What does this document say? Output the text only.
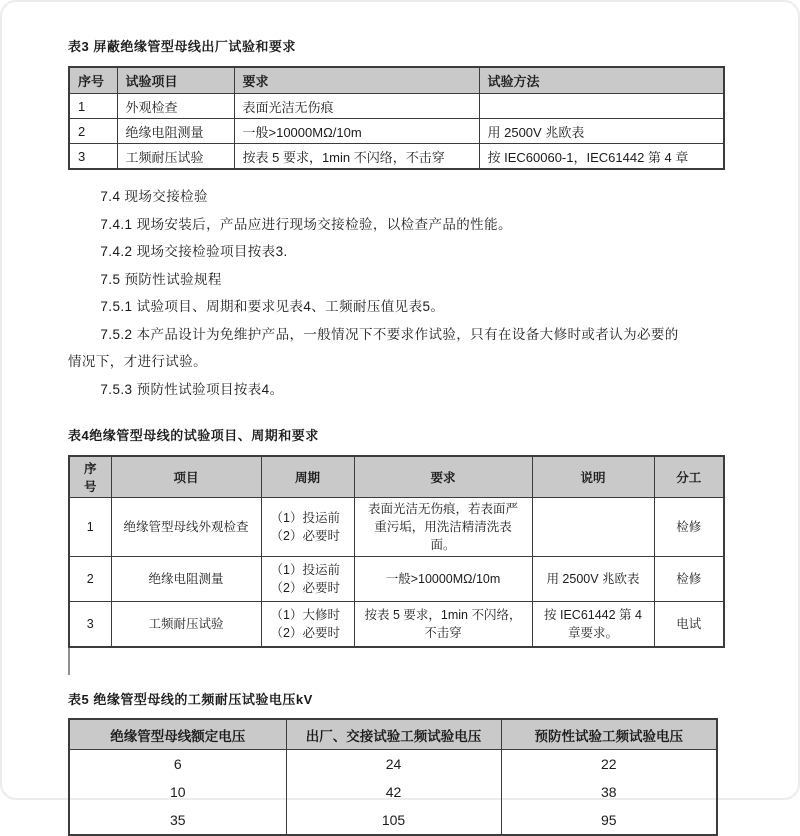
表3 屏蔽绝缘管型母线出厂试验和要求

序号	试验项目	要求	试验方法
1	外观检查	表面光洁无伤痕	
2	绝缘电阻测量	一般>10000MΩ/10m	用 2500V 兆欧表
3	工频耐压试验	按表 5 要求，1min 不闪络，不击穿	按 IEC60060-1，IEC61442 第 4 章

7.4 现场交接检验

7.4.1 现场安装后，产品应进行现场交接检验，以检查产品的性能。

7.4.2 现场交接检验项目按表3.

7.5 预防性试验规程

7.5.1 试验项目、周期和要求见表4、工频耐压值见表5。

7.5.2 本产品设计为免维护产品，一般情况下不要求作试验，只有在设备大修时或者认为必要的

情况下，才进行试验。

7.5.3 预防性试验项目按表4。

表4绝缘管型母线的试验项目、周期和要求

序号	项目	周期	要求	说明	分工
1	绝缘管型母线外观检查	（1）投运前
（2）必要时	表面光洁无伤痕，若表面严重污垢，用洗洁精清洗表面。		检修
2	绝缘电阻测量	（1）投运前
（2）必要时	一般>10000MΩ/10m	用 2500V 兆欧表	检修
3	工频耐压试验	（1）大修时
（2）必要时	按表 5 要求，1min 不闪络，不击穿	按 IEC61442 第 4 章要求。	电试

表5 绝缘管型母线的工频耐压试验电压kV

绝缘管型母线额定电压	出厂、交接试验工频试验电压	预防性试验工频试验电压
6	24	22
10	42	38
35	105	95
